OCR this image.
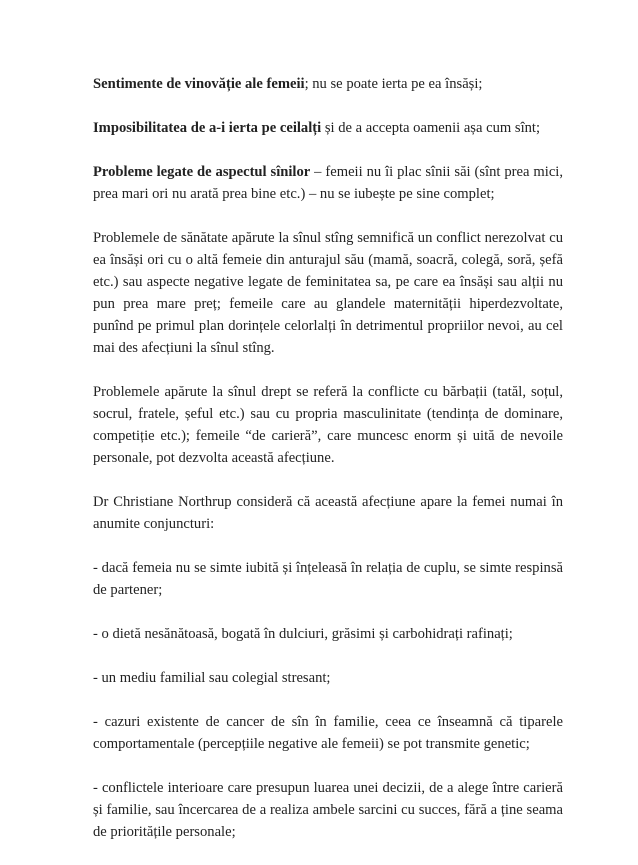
Sentimente de vinovăție ale femeii; nu se poate ierta pe ea însăși;

Imposibilitatea de a-i ierta pe ceilalți și de a accepta oamenii așa cum sînt;

Probleme legate de aspectul sînilor – femeii nu îi plac sînii săi (sînt prea mici, prea mari ori nu arată prea bine etc.) – nu se iubește pe sine complet;

Problemele de sănătate apărute la sînul stîng semnifică un conflict nerezolvat cu ea însăși ori cu o altă femeie din anturajul său (mamă, soacră, colegă, soră, șefă etc.) sau aspecte negative legate de feminitatea sa, pe care ea însăși sau alții nu pun prea mare preț; femeile care au glandele maternității hiperdezvoltate, punînd pe primul plan dorințele celorlalți în detrimentul propriilor nevoi, au cel mai des afecțiuni la sînul stîng.

Problemele apărute la sînul drept se referă la conflicte cu bărbații (tatăl, soțul, socrul, fratele, șeful etc.) sau cu propria masculinitate (tendința de dominare, competiție etc.); femeile “de carieră”, care muncesc enorm și uită de nevoile personale, pot dezvolta această afecțiune.

Dr Christiane Northrup consideră că această afecțiune apare la femei numai în anumite conjuncturi:

- dacă femeia nu se simte iubită și înțeleasă în relația de cuplu, se simte respinsă de partener;

- o dietă nesănătoasă, bogată în dulciuri, grăsimi și carbohidrați rafinați;

- un mediu familial sau colegial stresant;

- cazuri existente de cancer de sîn în familie, ceea ce înseamnă că tiparele comportamentale (percepțiile negative ale femeii) se pot transmite genetic;

- conflictele interioare care presupun luarea unei decizii, de a alege între carieră și familie, sau încercarea de a realiza ambele sarcini cu succes, fără a ține seama de prioritățile personale;
